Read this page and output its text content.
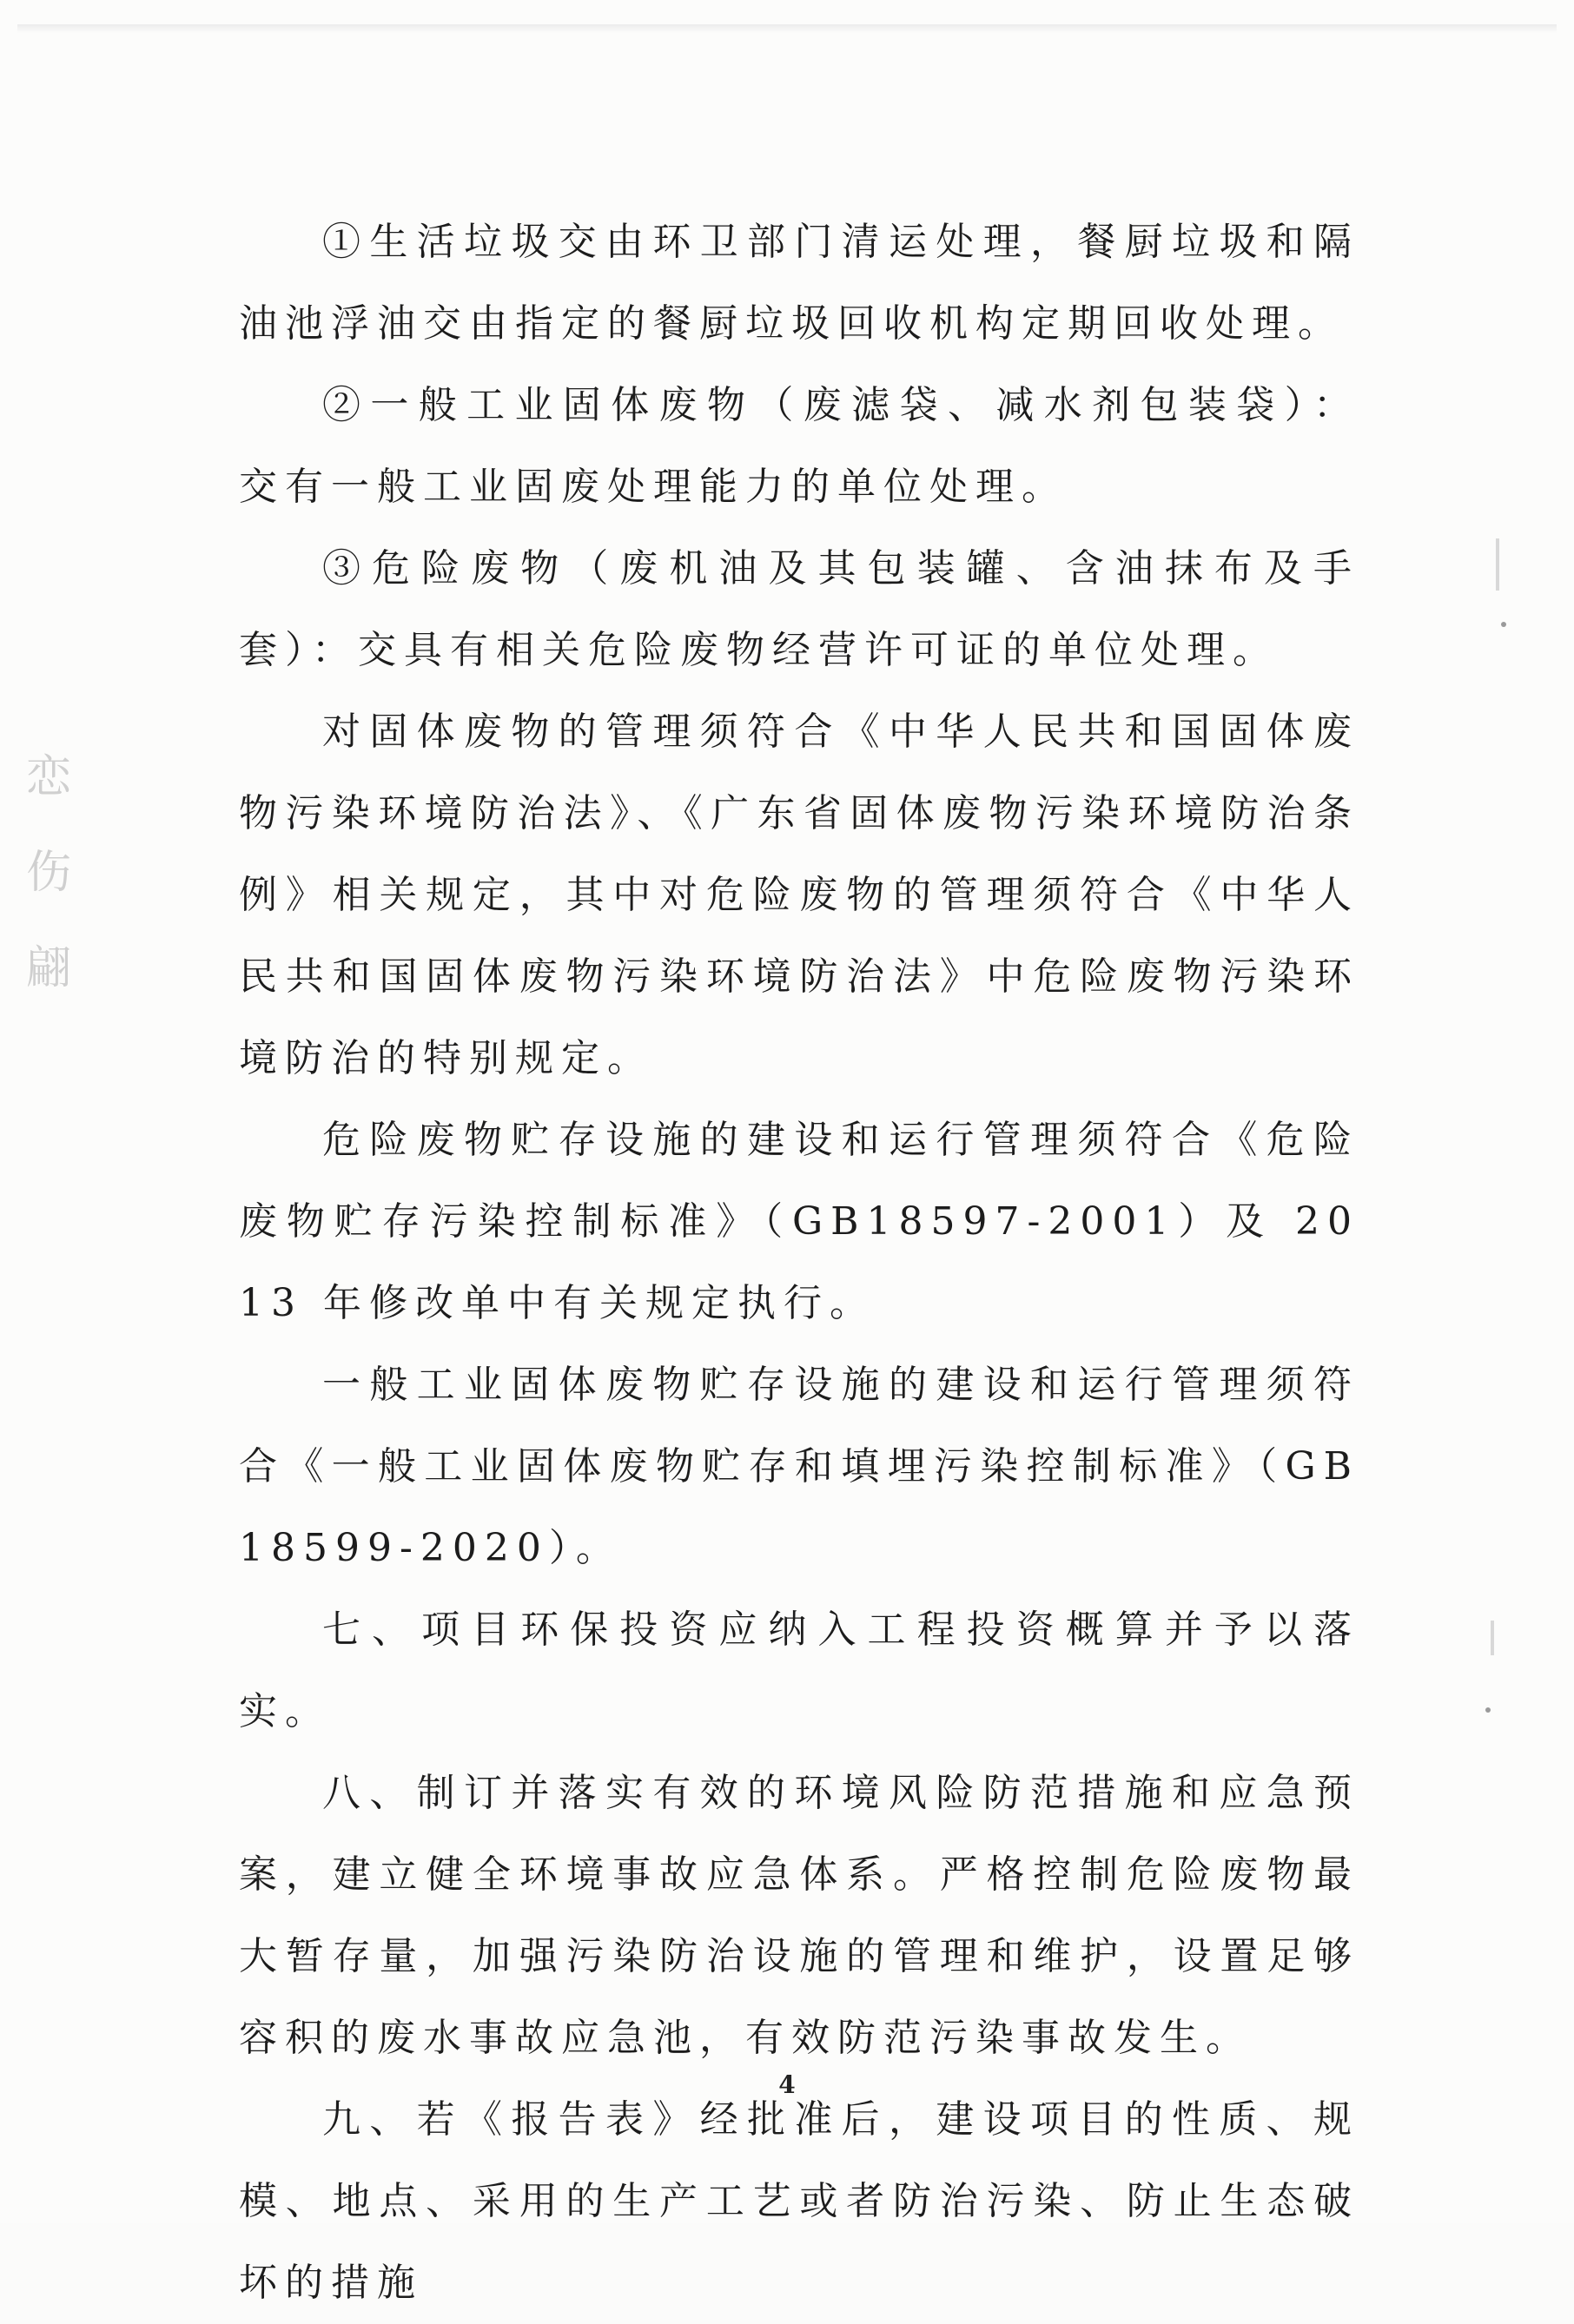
恋
伤
翩

①生活垃圾交由环卫部门清运处理，餐厨垃圾和隔油池浮油交由指定的餐厨垃圾回收机构定期回收处理。

②一般工业固体废物（废滤袋、减水剂包装袋）：交有一般工业固废处理能力的单位处理。

③危险废物（废机油及其包装罐、含油抹布及手套）：交具有相关危险废物经营许可证的单位处理。

对固体废物的管理须符合《中华人民共和国固体废物污染环境防治法》、《广东省固体废物污染环境防治条例》相关规定，其中对危险废物的管理须符合《中华人民共和国固体废物污染环境防治法》中危险废物污染环境防治的特别规定。

危险废物贮存设施的建设和运行管理须符合《危险废物贮存污染控制标准》（GB18597-2001）及 2013 年修改单中有关规定执行。

一般工业固体废物贮存设施的建设和运行管理须符合《一般工业固体废物贮存和填埋污染控制标准》（GB18599-2020）。

七、项目环保投资应纳入工程投资概算并予以落实。

八、制订并落实有效的环境风险防范措施和应急预案，建立健全环境事故应急体系。严格控制危险废物最大暂存量，加强污染防治设施的管理和维护，设置足够容积的废水事故应急池，有效防范污染事故发生。

九、若《报告表》经批准后，建设项目的性质、规模、地点、采用的生产工艺或者防治污染、防止生态破坏的措施

4
